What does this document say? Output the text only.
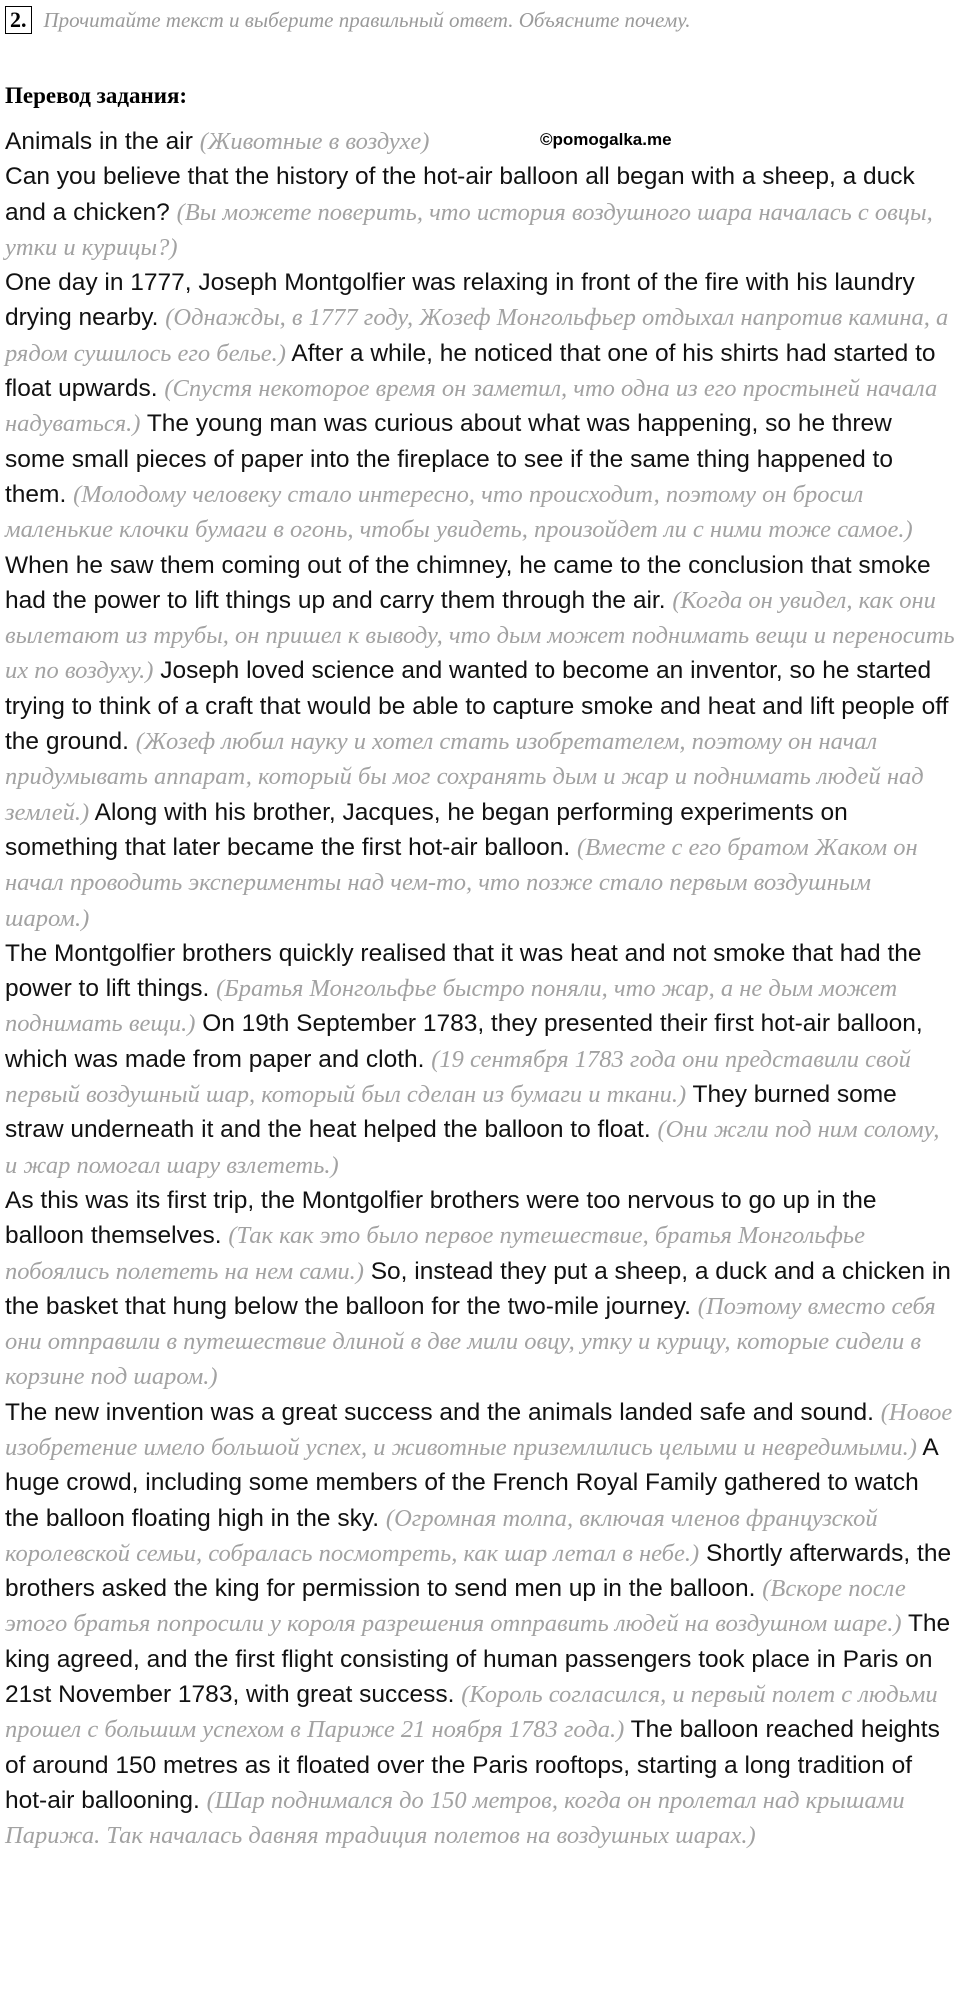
2. Прочитайте текст и выберите правильный ответ. Объясните почему.
Перевод задания:
©pomogalka.me

Animals in the air (Животные в воздухе)

Can you believe that the history of the hot-air balloon all began with a sheep, a duck and a chicken? (Вы можете поверить, что история воздушного шара началась с овцы, утки и курицы?)

One day in 1777, Joseph Montgolfier was relaxing in front of the fire with his laundry drying nearby. (Однажды, в 1777 году, Жозеф Монгольфьер отдыхал напротив камина, а рядом сушилось его белье.) After a while, he noticed that one of his shirts had started to float upwards. (Спустя некоторое время он заметил, что одна из его простыней начала надуваться.) The young man was curious about what was happening, so he threw some small pieces of paper into the fireplace to see if the same thing happened to them. (Молодому человеку стало интересно, что происходит, поэтому он бросил маленькие клочки бумаги в огонь, чтобы увидеть, произойдет ли с ними тоже самое.) When he saw them coming out of the chimney, he came to the conclusion that smoke had the power to lift things up and carry them through the air. (Когда он увидел, как они вылетают из трубы, он пришел к выводу, что дым может поднимать вещи и переносить их по воздуху.) Joseph loved science and wanted to become an inventor, so he started trying to think of a craft that would be able to capture smoke and heat and lift people off the ground. (Жозеф любил науку и хотел стать изобретателем, поэтому он начал придумывать аппарат, который бы мог сохранять дым и жар и поднимать людей над землей.) Along with his brother, Jacques, he began performing experiments on something that later became the first hot-air balloon. (Вместе с его братом Жаком он начал проводить эксперименты над чем-то, что позже стало первым воздушным шаром.)

The Montgolfier brothers quickly realised that it was heat and not smoke that had the power to lift things. (Братья Монгольфье быстро поняли, что жар, а не дым может поднимать вещи.) On 19th September 1783, they presented their first hot-air balloon, which was made from paper and cloth. (19 сентября 1783 года они представили свой первый воздушный шар, который был сделан из бумаги и ткани.) They burned some straw underneath it and the heat helped the balloon to float. (Они жгли под ним солому, и жар помогал шару взлететь.)

As this was its first trip, the Montgolfier brothers were too nervous to go up in the balloon themselves. (Так как это было первое путешествие, братья Монгольфье побоялись полететь на нем сами.) So, instead they put a sheep, a duck and a chicken in the basket that hung below the balloon for the two-mile journey. (Поэтому вместо себя они отправили в путешествие длиной в две мили овцу, утку и курицу, которые сидели в корзине под шаром.)

The new invention was a great success and the animals landed safe and sound. (Новое изобретение имело большой успех, и животные приземлились целыми и невредимыми.) A huge crowd, including some members of the French Royal Family gathered to watch the balloon floating high in the sky. (Огромная толпа, включая членов французской королевской семьи, собралась посмотреть, как шар летал в небе.) Shortly afterwards, the brothers asked the king for permission to send men up in the balloon. (Вскоре после этого братья попросили у короля разрешения отправить людей на воздушном шаре.) The king agreed, and the first flight consisting of human passengers took place in Paris on 21st November 1783, with great success. (Король согласился, и первый полет с людьми прошел с большим успехом в Париже 21 ноября 1783 года.) The balloon reached heights of around 150 metres as it floated over the Paris rooftops, starting a long tradition of hot-air ballooning. (Шар поднимался до 150 метров, когда он пролетал над крышами Парижа. Так началась давняя традиция полетов на воздушных шарах.)
